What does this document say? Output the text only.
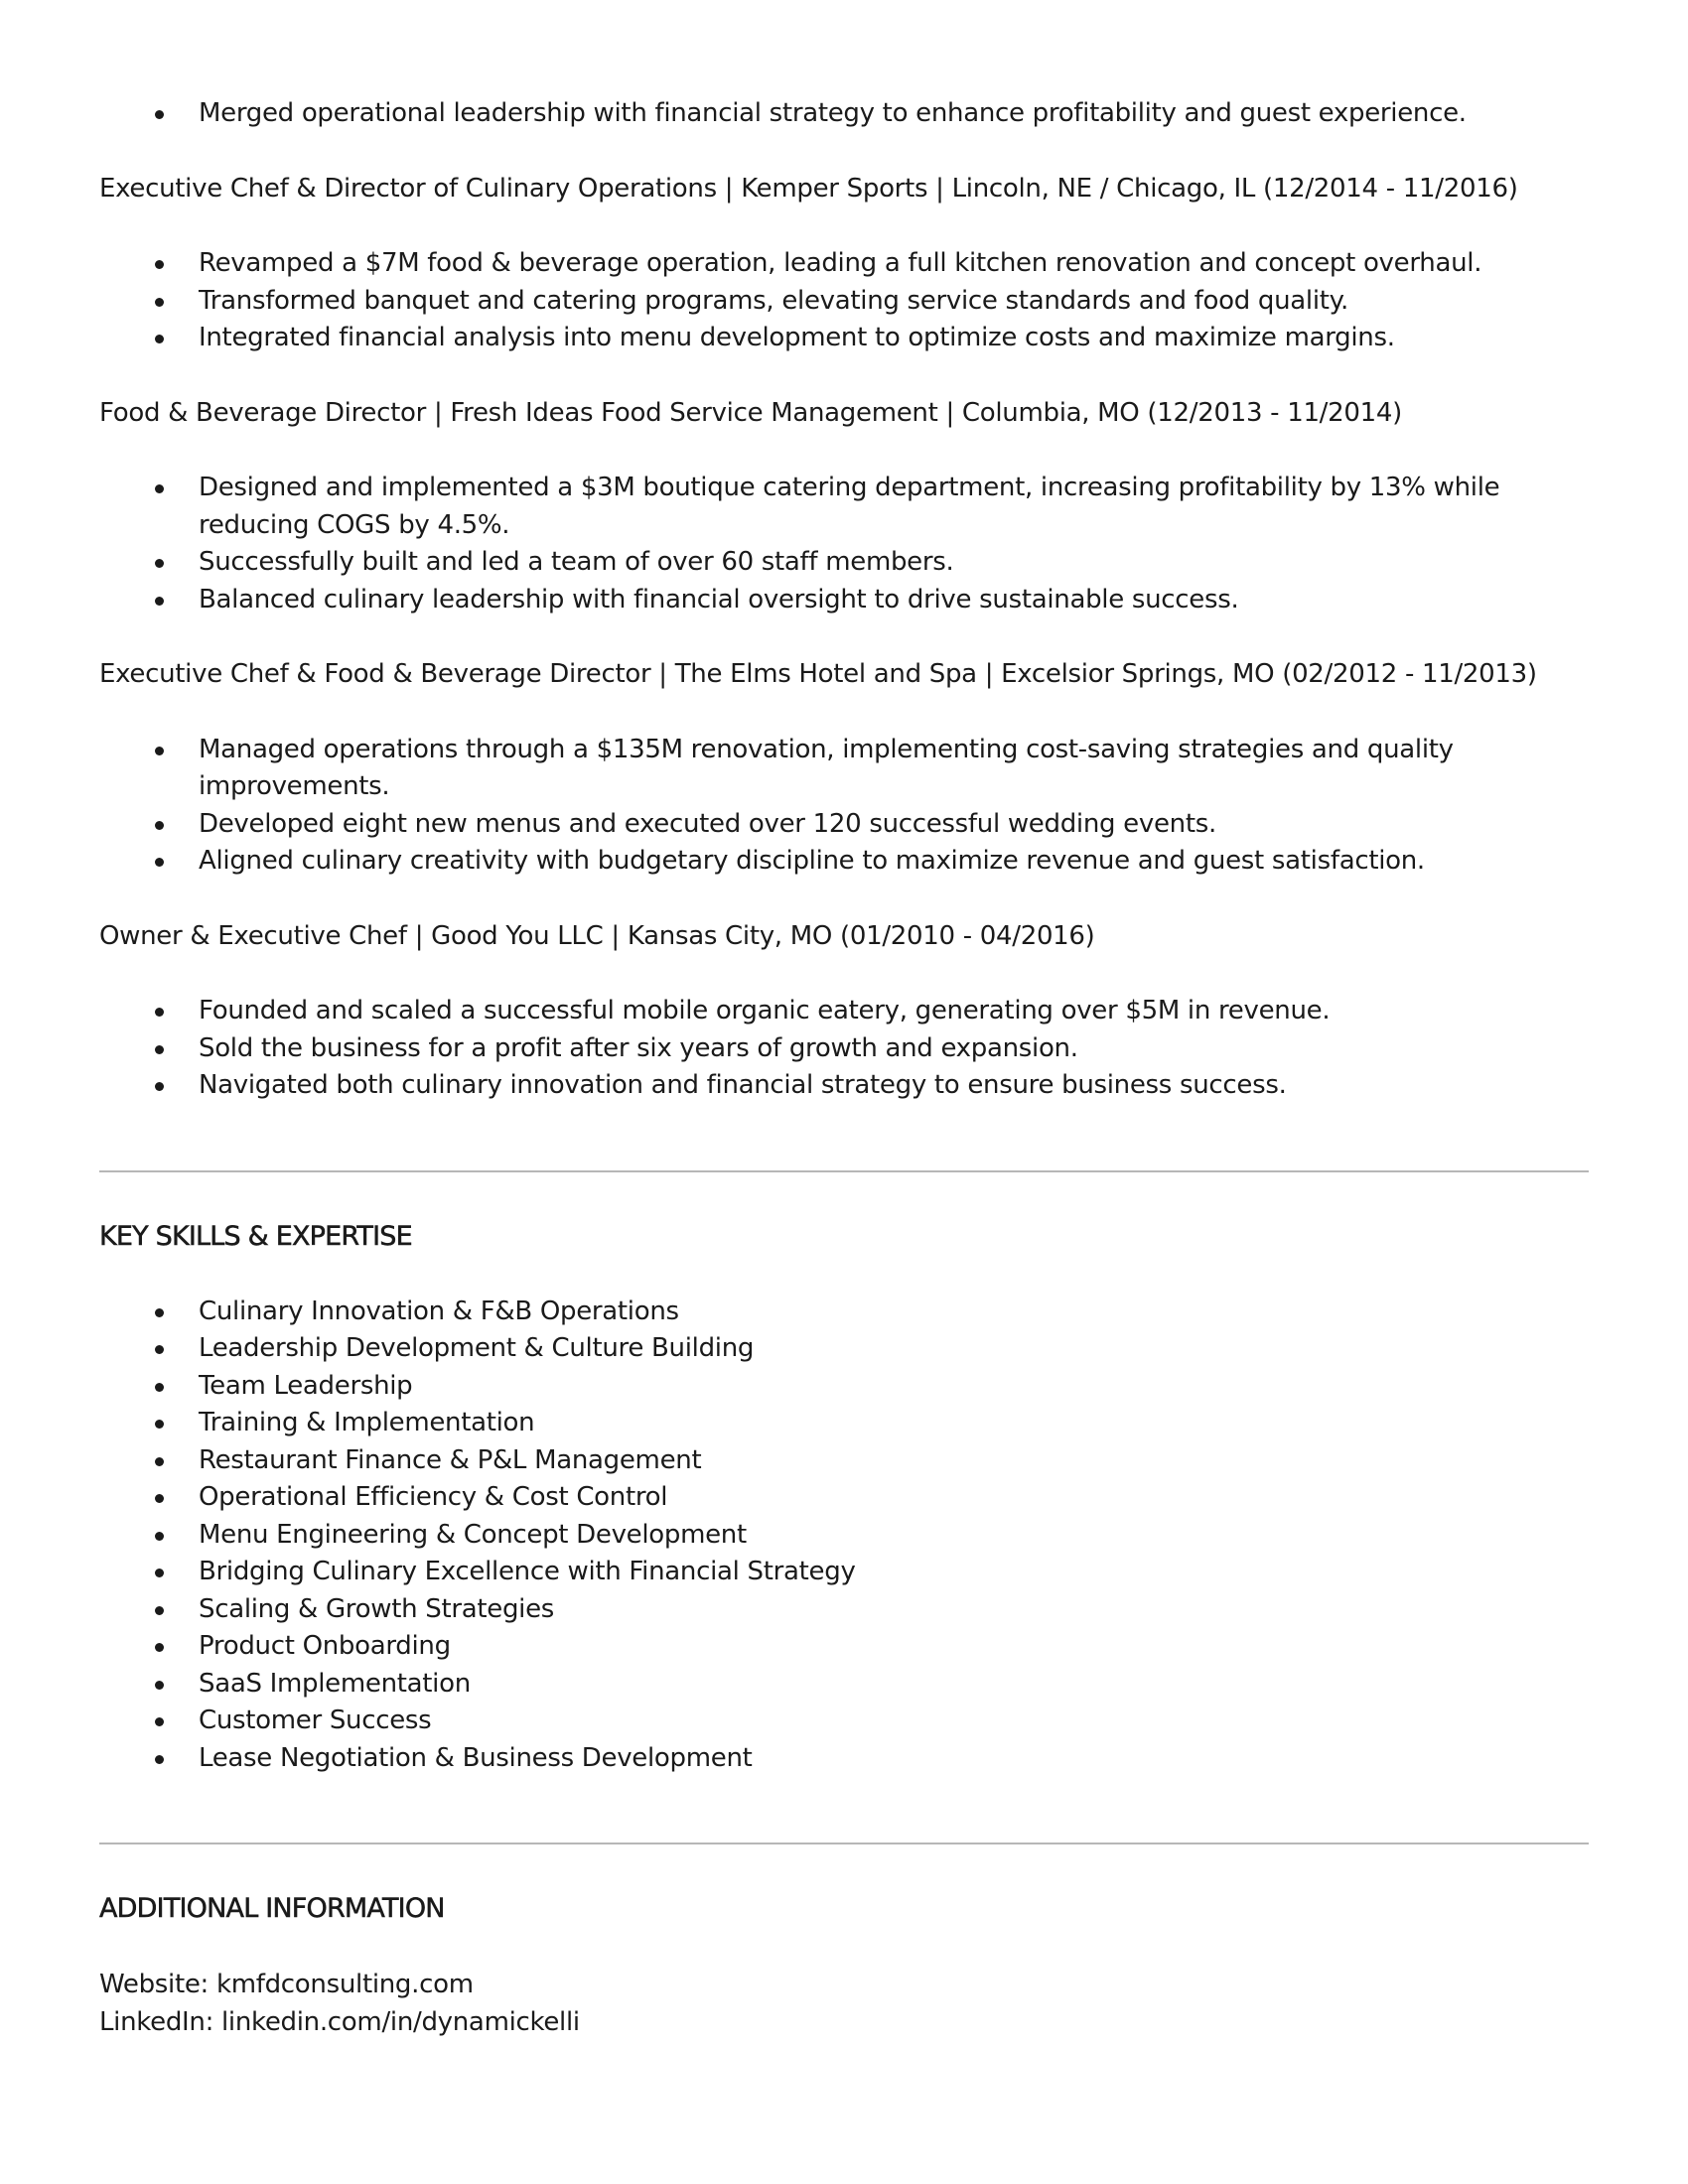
Merged operational leadership with financial strategy to enhance profitability and guest experience.
Executive Chef & Director of Culinary Operations | Kemper Sports | Lincoln, NE / Chicago, IL (12/2014 - 11/2016)
Revamped a $7M food & beverage operation, leading a full kitchen renovation and concept overhaul.
Transformed banquet and catering programs, elevating service standards and food quality.
Integrated financial analysis into menu development to optimize costs and maximize margins.
Food & Beverage Director | Fresh Ideas Food Service Management | Columbia, MO (12/2013 - 11/2014)
Designed and implemented a $3M boutique catering department, increasing profitability by 13% while reducing COGS by 4.5%.
Successfully built and led a team of over 60 staff members.
Balanced culinary leadership with financial oversight to drive sustainable success.
Executive Chef & Food & Beverage Director | The Elms Hotel and Spa | Excelsior Springs, MO (02/2012 - 11/2013)
Managed operations through a $135M renovation, implementing cost-saving strategies and quality improvements.
Developed eight new menus and executed over 120 successful wedding events.
Aligned culinary creativity with budgetary discipline to maximize revenue and guest satisfaction.
Owner & Executive Chef | Good You LLC | Kansas City, MO (01/2010 - 04/2016)
Founded and scaled a successful mobile organic eatery, generating over $5M in revenue.
Sold the business for a profit after six years of growth and expansion.
Navigated both culinary innovation and financial strategy to ensure business success.
KEY SKILLS & EXPERTISE
Culinary Innovation & F&B Operations
Leadership Development & Culture Building
Team Leadership
Training & Implementation
Restaurant Finance & P&L Management
Operational Efficiency & Cost Control
Menu Engineering & Concept Development
Bridging Culinary Excellence with Financial Strategy
Scaling & Growth Strategies
Product Onboarding
SaaS Implementation
Customer Success
Lease Negotiation & Business Development
ADDITIONAL INFORMATION
Website: kmfdconsulting.com
LinkedIn: linkedin.com/in/dynamickelli
